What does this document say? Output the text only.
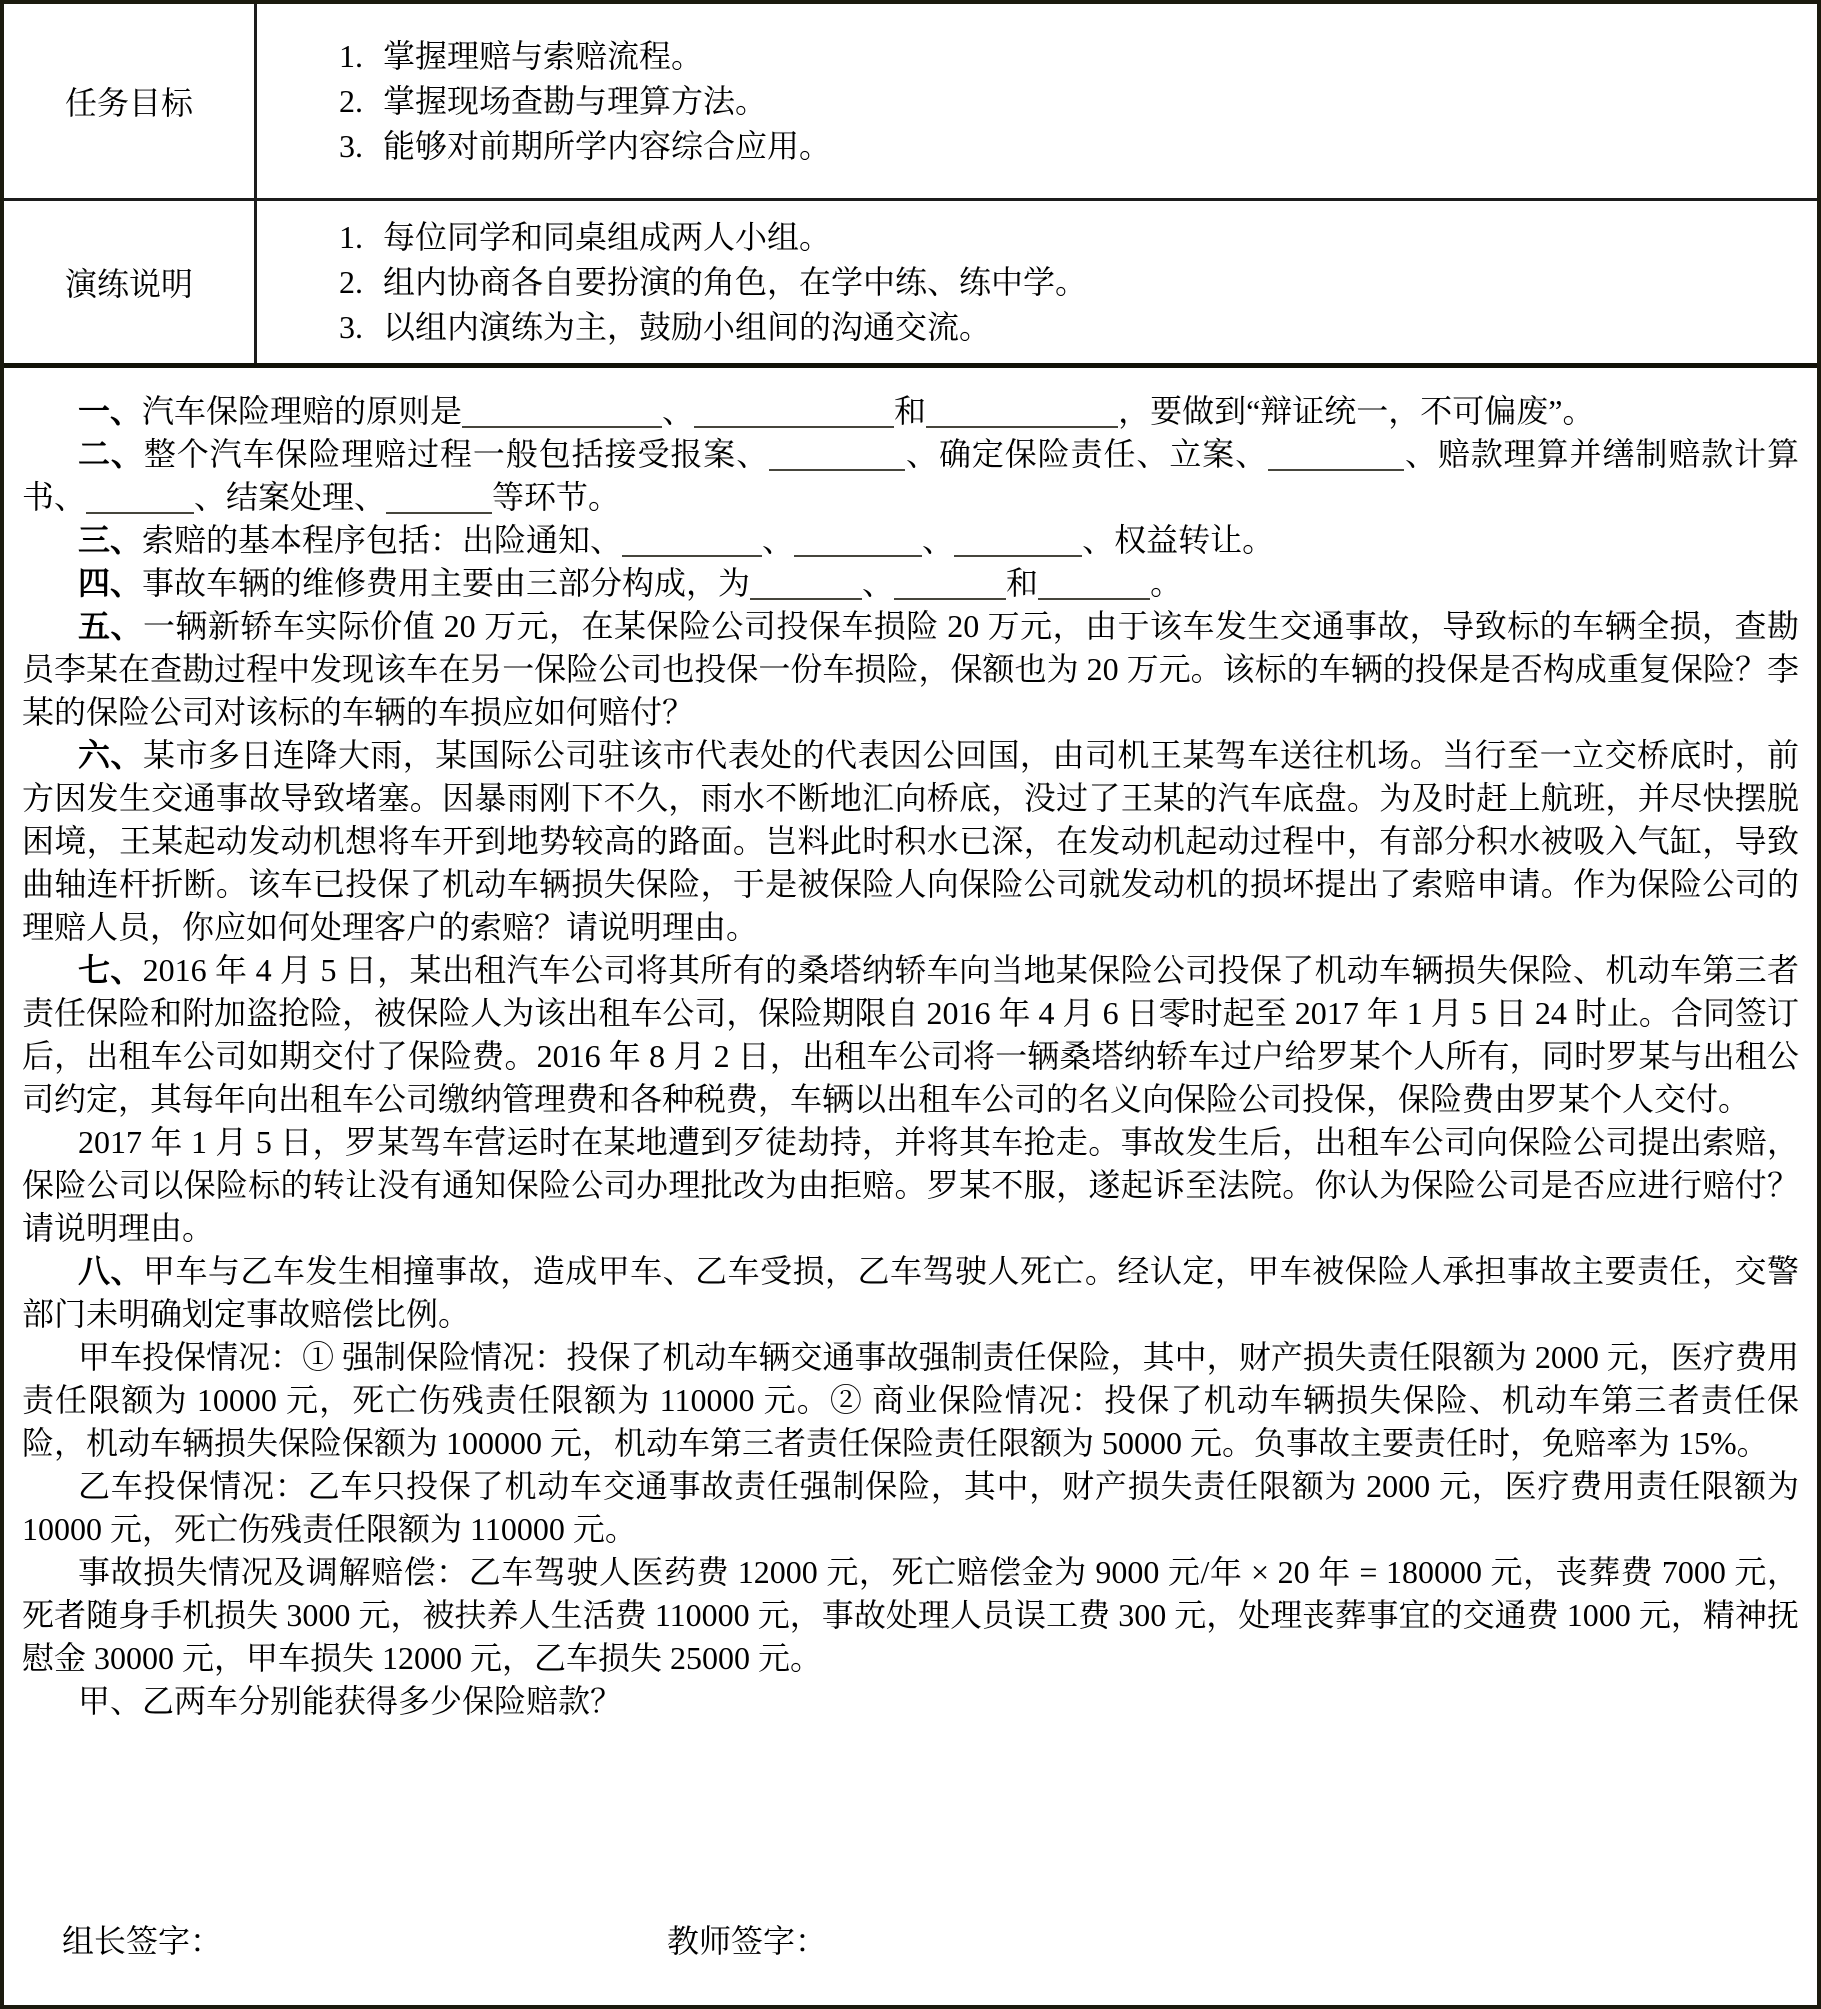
任务目标
1. 掌握理赔与索赔流程。
2. 掌握现场查勘与理算方法。
3. 能够对前期所学内容综合应用。
演练说明
1. 每位同学和同桌组成两人小组。
2. 组内协商各自要扮演的角色，在学中练、练中学。
3. 以组内演练为主，鼓励小组间的沟通交流。

一、汽车保险理赔的原则是	、	和	，要做到“辩证统一，不可偏废”。

二、整个汽车保险理赔过程一般包括接受报案、	、确定保险责任、立案、	、赔款理算并缮制赔款计算书、	、结案处理、	等环节。

三、索赔的基本程序包括：出险通知、	、	、	、权益转让。

四、事故车辆的维修费用主要由三部分构成，为	、	和	。

五、一辆新轿车实际价值 20 万元，在某保险公司投保车损险 20 万元，由于该车发生交通事故，导致标的车辆全损，查勘员李某在查勘过程中发现该车在另一保险公司也投保一份车损险，保额也为 20 万元。该标的车辆的投保是否构成重复保险？李某的保险公司对该标的车辆的车损应如何赔付？

六、某市多日连降大雨，某国际公司驻该市代表处的代表因公回国，由司机王某驾车送往机场。当行至一立交桥底时，前方因发生交通事故导致堵塞。因暴雨刚下不久，雨水不断地汇向桥底，没过了王某的汽车底盘。为及时赶上航班，并尽快摆脱困境，王某起动发动机想将车开到地势较高的路面。岂料此时积水已深，在发动机起动过程中，有部分积水被吸入气缸，导致曲轴连杆折断。该车已投保了机动车辆损失保险，于是被保险人向保险公司就发动机的损坏提出了索赔申请。作为保险公司的理赔人员，你应如何处理客户的索赔？请说明理由。

七、2016 年 4 月 5 日，某出租汽车公司将其所有的桑塔纳轿车向当地某保险公司投保了机动车辆损失保险、机动车第三者责任保险和附加盗抢险，被保险人为该出租车公司，保险期限自 2016 年 4 月 6 日零时起至 2017 年 1 月 5 日 24 时止。合同签订后，出租车公司如期交付了保险费。2016 年 8 月 2 日，出租车公司将一辆桑塔纳轿车过户给罗某个人所有，同时罗某与出租公司约定，其每年向出租车公司缴纳管理费和各种税费，车辆以出租车公司的名义向保险公司投保，保险费由罗某个人交付。

2017 年 1 月 5 日，罗某驾车营运时在某地遭到歹徒劫持，并将其车抢走。事故发生后，出租车公司向保险公司提出索赔，保险公司以保险标的转让没有通知保险公司办理批改为由拒赔。罗某不服，遂起诉至法院。你认为保险公司是否应进行赔付？请说明理由。

八、甲车与乙车发生相撞事故，造成甲车、乙车受损，乙车驾驶人死亡。经认定，甲车被保险人承担事故主要责任，交警部门未明确划定事故赔偿比例。

甲车投保情况：① 强制保险情况：投保了机动车辆交通事故强制责任保险，其中，财产损失责任限额为 2000 元，医疗费用责任限额为 10000 元，死亡伤残责任限额为 110000 元。② 商业保险情况：投保了机动车辆损失保险、机动车第三者责任保险，机动车辆损失保险保额为 100000 元，机动车第三者责任保险责任限额为 50000 元。负事故主要责任时，免赔率为 15%。

乙车投保情况：乙车只投保了机动车交通事故责任强制保险，其中，财产损失责任限额为 2000 元，医疗费用责任限额为 10000 元，死亡伤残责任限额为 110000 元。

事故损失情况及调解赔偿：乙车驾驶人医药费 12000 元，死亡赔偿金为 9000 元/年 × 20 年 = 180000 元，丧葬费 7000 元，死者随身手机损失 3000 元，被扶养人生活费 110000 元，事故处理人员误工费 300 元，处理丧葬事宜的交通费 1000 元，精神抚慰金 30000 元，甲车损失 12000 元，乙车损失 25000 元。

甲、乙两车分别能获得多少保险赔款？

组长签字：	教师签字：
